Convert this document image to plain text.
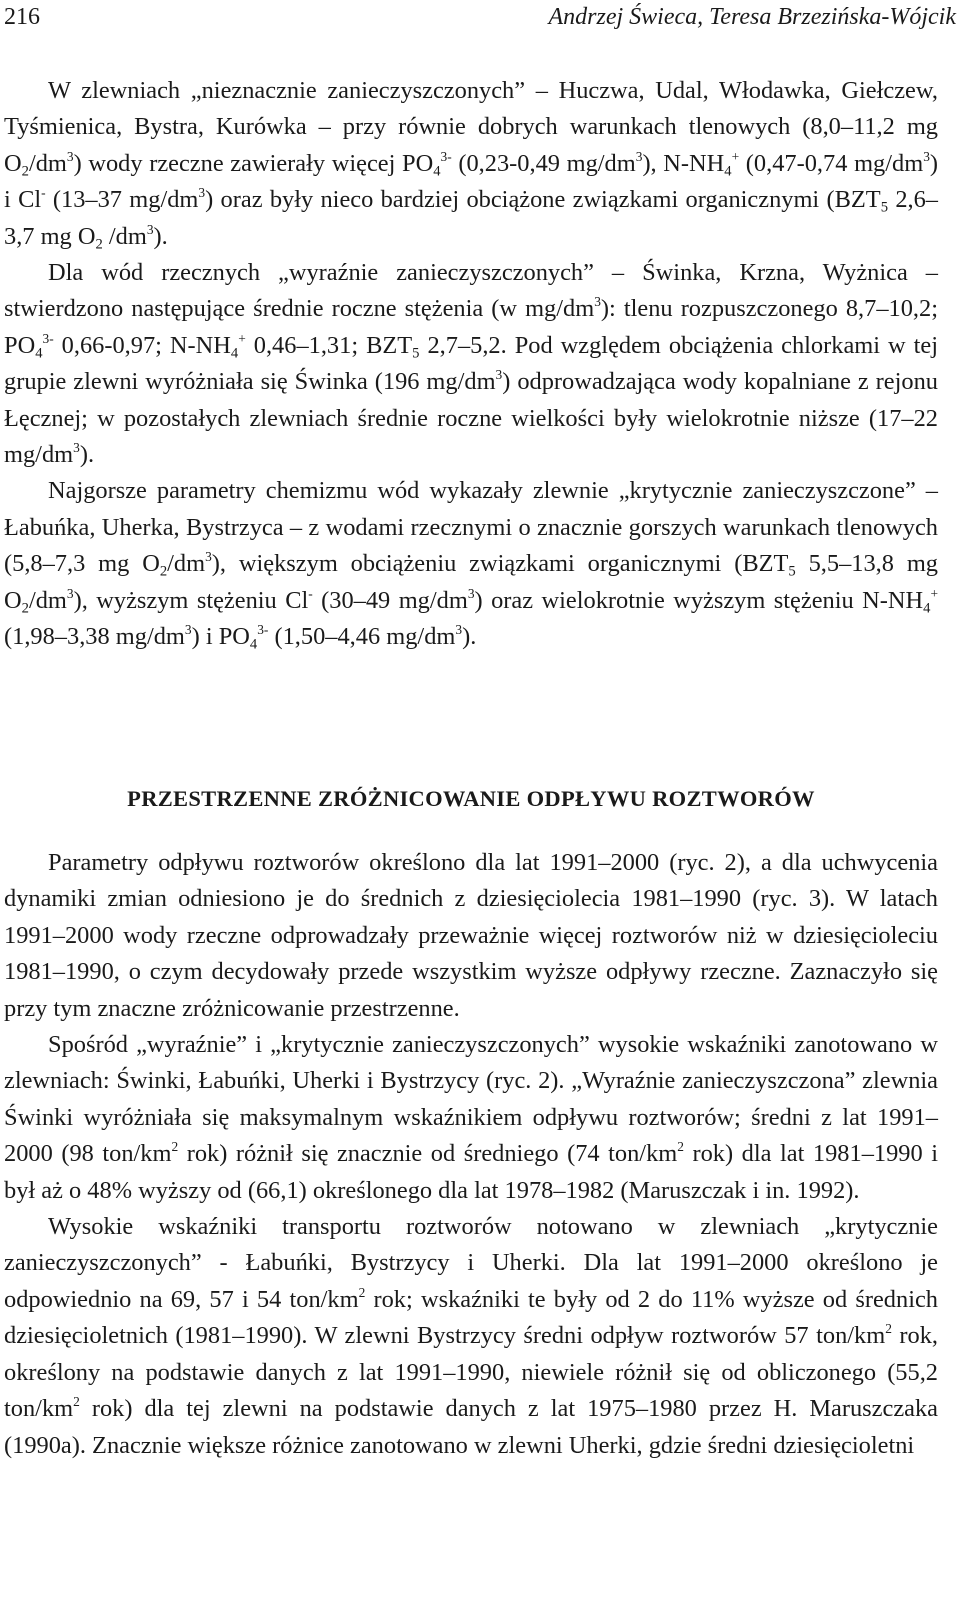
216	Andrzej Świeca, Teresa Brzezińska-Wójcik

W zlewniach „nieznacznie zanieczyszczonych” – Huczwa, Udal, Włodawka, Giełczew, Tyśmienica, Bystra, Kurówka – przy równie dobrych warunkach tlenowych (8,0–11,2 mg $O_2/dm^3$) wody rzeczne zawierały więcej $PO_4^{3-}$ (0,23-0,49 $mg/dm^3$), $N-NH_4^+$ (0,47-0,74 $mg/dm^3$) i Cl- (13–37 $mg/dm^3$) oraz były nieco bardziej obciążone związkami organicznymi ($BZT_5$ 2,6–3,7 mg $O_2$ $/dm^3$).

Dla wód rzecznych „wyraźnie zanieczyszczonych” – Świnka, Krzna, Wyżnica – stwierdzono następujące średnie roczne stężenia (w $mg/dm^3$): tlenu rozpuszczonego 8,7–10,2; $PO_4^{3-}$ 0,66-0,97; $N-NH_4^+$ 0,46–1,31; $BZT_5$ 2,7–5,2. Pod względem obciążenia chlorkami w tej grupie zlewni wyróżniała się Świnka (196 $mg/dm^3$) odprowadzająca wody kopalniane z rejonu Łęcznej; w pozostałych zlewniach średnie roczne wielkości były wielokrotnie niższe (17–22 $mg/dm^3$).

Najgorsze parametry chemizmu wód wykazały zlewnie „krytycznie zanieczyszczone” – Łabuńka, Uherka, Bystrzyca – z wodami rzecznymi o znacznie gorszych warunkach tlenowych (5,8–7,3 mg $O_2/dm^3$), większym obciążeniu związkami organicznymi ($BZT_5$ 5,5–13,8 mg $O_2/dm^3$), wyższym stężeniu Cl- (30–49 $mg/dm^3$) oraz wielokrotnie wyższym stężeniu $N-NH_4^+$ (1,98–3,38 $mg/dm^3$) i $PO_4^{3-}$ (1,50–4,46 $mg/dm^3$).

PRZESTRZENNE ZRÓŻNICOWANIE ODPŁYWU ROZTWORÓW

Parametry odpływu roztworów określono dla lat 1991–2000 (ryc. 2), a dla uchwycenia dynamiki zmian odniesiono je do średnich z dziesięciolecia 1981–1990 (ryc. 3). W latach 1991–2000 wody rzeczne odprowadzały przeważnie więcej roztworów niż w dziesięcioleciu 1981–1990, o czym decydowały przede wszystkim wyższe odpływy rzeczne. Zaznaczyło się przy tym znaczne zróżnicowanie przestrzenne.

Spośród „wyraźnie” i „krytycznie zanieczyszczonych” wysokie wskaźniki zanotowano w zlewniach: Świnki, Łabuńki, Uherki i Bystrzycy (ryc. 2). „Wyraźnie zanieczyszczona” zlewnia Świnki wyróżniała się maksymalnym wskaźnikiem odpływu roztworów; średni z lat 1991–2000 (98 ton/$km^2$ rok) różnił się znacznie od średniego (74 ton/$km^2$ rok) dla lat 1981–1990 i był aż o 48% wyższy od (66,1) określonego dla lat 1978–1982 (Maruszczak i in. 1992).

Wysokie wskaźniki transportu roztworów notowano w zlewniach „krytycznie zanieczyszczonych” - Łabuńki, Bystrzycy i Uherki. Dla lat 1991–2000 określono je odpowiednio na 69, 57 i 54 ton/$km^2$ rok; wskaźniki te były od 2 do 11% wyższe od średnich dziesięcioletnich (1981–1990). W zlewni Bystrzycy średni odpływ roztworów 57 ton/$km^2$ rok, określony na podstawie danych z lat 1991–1990, niewiele różnił się od obliczonego (55,2 ton/$km^2$ rok) dla tej zlewni na podstawie danych z lat 1975–1980 przez H. Maruszczaka (1990a). Znacznie większe różnice zanotowano w zlewni Uherki, gdzie średni dziesięcioletni
